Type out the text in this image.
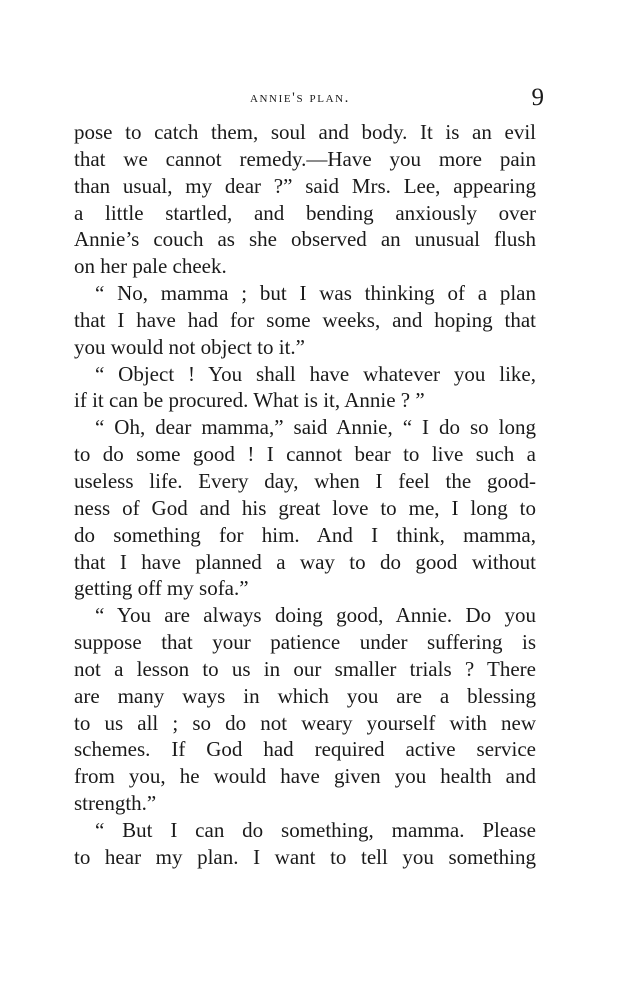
annie's plan.	9
pose to catch them, soul and body. It is an evil
that we cannot remedy.—Have you more pain
than usual, my dear ?” said Mrs. Lee, appearing
a little startled, and bending anxiously over
Annie’s couch as she observed an unusual flush
on her pale cheek.
“ No, mamma ; but I was thinking of a plan
that I have had for some weeks, and hoping that
you would not object to it.”
“ Object ! You shall have whatever you like,
if it can be procured. What is it, Annie ? ”
“ Oh, dear mamma,” said Annie, “ I do so long
to do some good ! I cannot bear to live such a
useless life. Every day, when I feel the good-
ness of God and his great love to me, I long to
do something for him. And I think, mamma,
that I have planned a way to do good without
getting off my sofa.”
“ You are always doing good, Annie. Do you
suppose that your patience under suffering is
not a lesson to us in our smaller trials ? There
are many ways in which you are a blessing
to us all ; so do not weary yourself with new
schemes. If God had required active service
from you, he would have given you health and
strength.”
“ But I can do something, mamma. Please
to hear my plan. I want to tell you something
